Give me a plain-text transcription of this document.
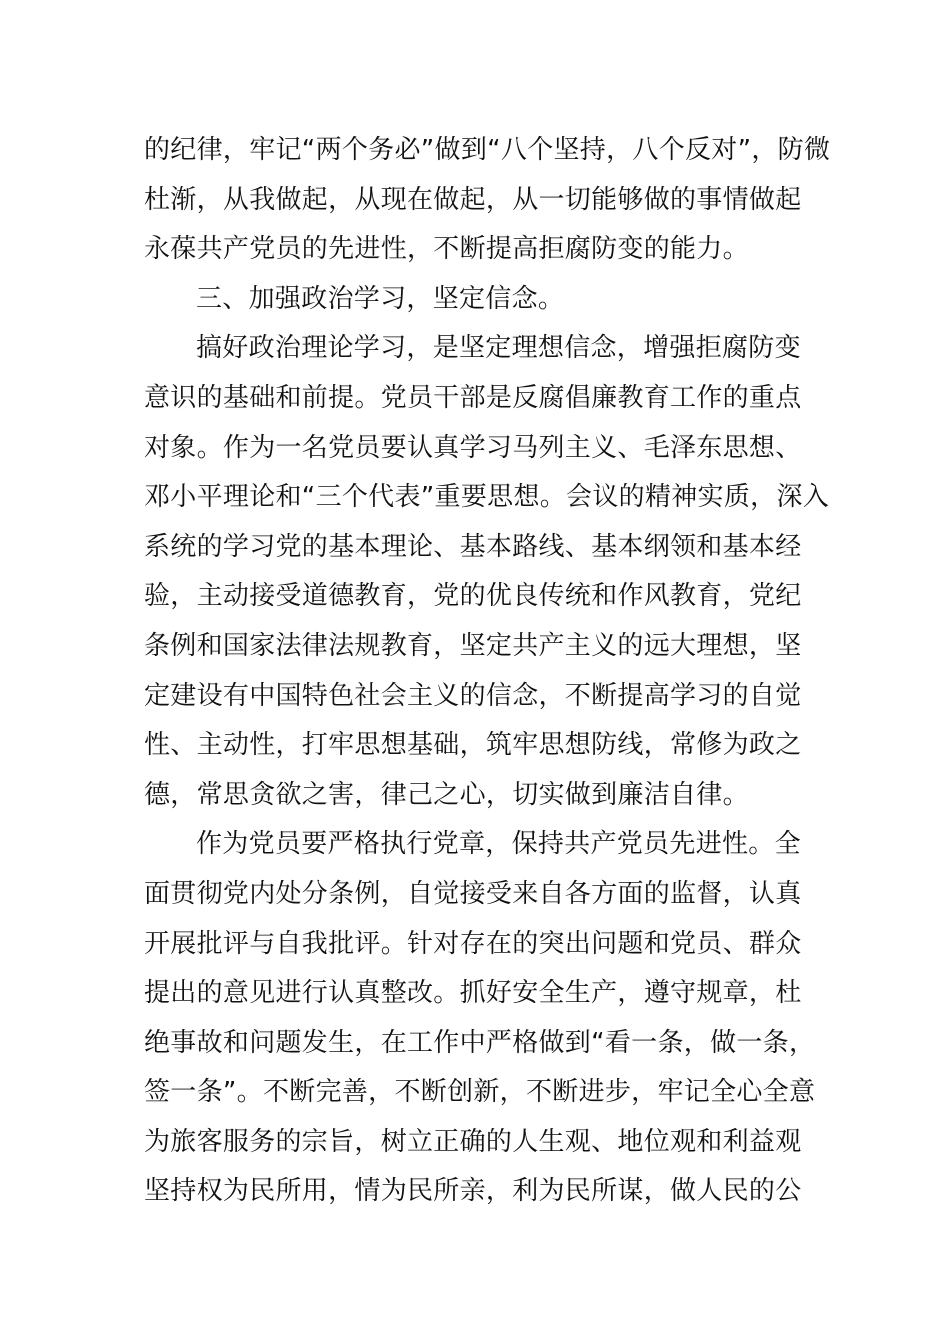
的纪律，牢记“两个务必”做到“八个坚持，八个反对”，防微
杜渐，从我做起，从现在做起，从一切能够做的事情做起
永葆共产党员的先进性，不断提高拒腐防变的能力。
三、加强政治学习，坚定信念。
搞好政治理论学习，是坚定理想信念，增强拒腐防变
意识的基础和前提。党员干部是反腐倡廉教育工作的重点
对象。作为一名党员要认真学习马列主义、毛泽东思想、
邓小平理论和“三个代表”重要思想。会议的精神实质，深入
系统的学习党的基本理论、基本路线、基本纲领和基本经
验，主动接受道德教育，党的优良传统和作风教育，党纪
条例和国家法律法规教育，坚定共产主义的远大理想，坚
定建设有中国特色社会主义的信念，不断提高学习的自觉
性、主动性，打牢思想基础，筑牢思想防线，常修为政之
德，常思贪欲之害，律己之心，切实做到廉洁自律。
作为党员要严格执行党章，保持共产党员先进性。全
面贯彻党内处分条例，自觉接受来自各方面的监督，认真
开展批评与自我批评。针对存在的突出问题和党员、群众
提出的意见进行认真整改。抓好安全生产，遵守规章，杜
绝事故和问题发生，在工作中严格做到“看一条，做一条，
签一条”。不断完善，不断创新，不断进步，牢记全心全意
为旅客服务的宗旨，树立正确的人生观、地位观和利益观
坚持权为民所用，情为民所亲，利为民所谋，做人民的公
